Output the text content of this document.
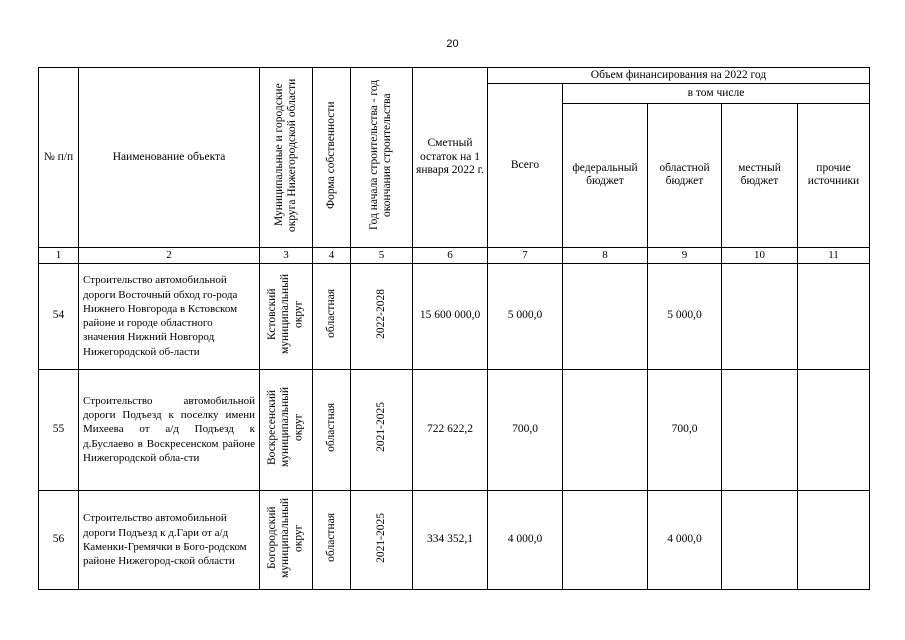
20
№ п/п	Наименование объекта	Муниципальные и городские округа Нижегородской области	Форма собственности	Год начала строительства - год окончания строительства	Сметный остаток на 1 января 2022 г.	Объем финансирования на 2022 год				
						Всего	в том числе			
							федеральный бюджет	областной бюджет	местный бюджет	прочие источники
1	2	3	4	5	6	7	8	9	10	11
54	Строительство автомобильной дороги Восточный обход го-рода Нижнего Новгорода в Кстовском районе и городе областного значения Нижний Новгород Нижегородской об-ласти	Кстовский муниципальный округ	областная	2022-2028	15 600 000,0	5 000,0		5 000,0		
55	Строительство автомобильной дороги Подъезд к поселку имени Михеева от а/д Подъезд к д.Буслаево в Воскресенском районе Нижегородской обла-сти	Воскресенский муниципальный округ	областная	2021-2025	722 622,2	700,0		700,0		
56	Строительство автомобильной дороги Подъезд к д.Гари от а/д Каменки-Гремячки в Бого-родском районе Нижегород-ской области	Богородский муниципальный округ	областная	2021-2025	334 352,1	4 000,0		4 000,0		
